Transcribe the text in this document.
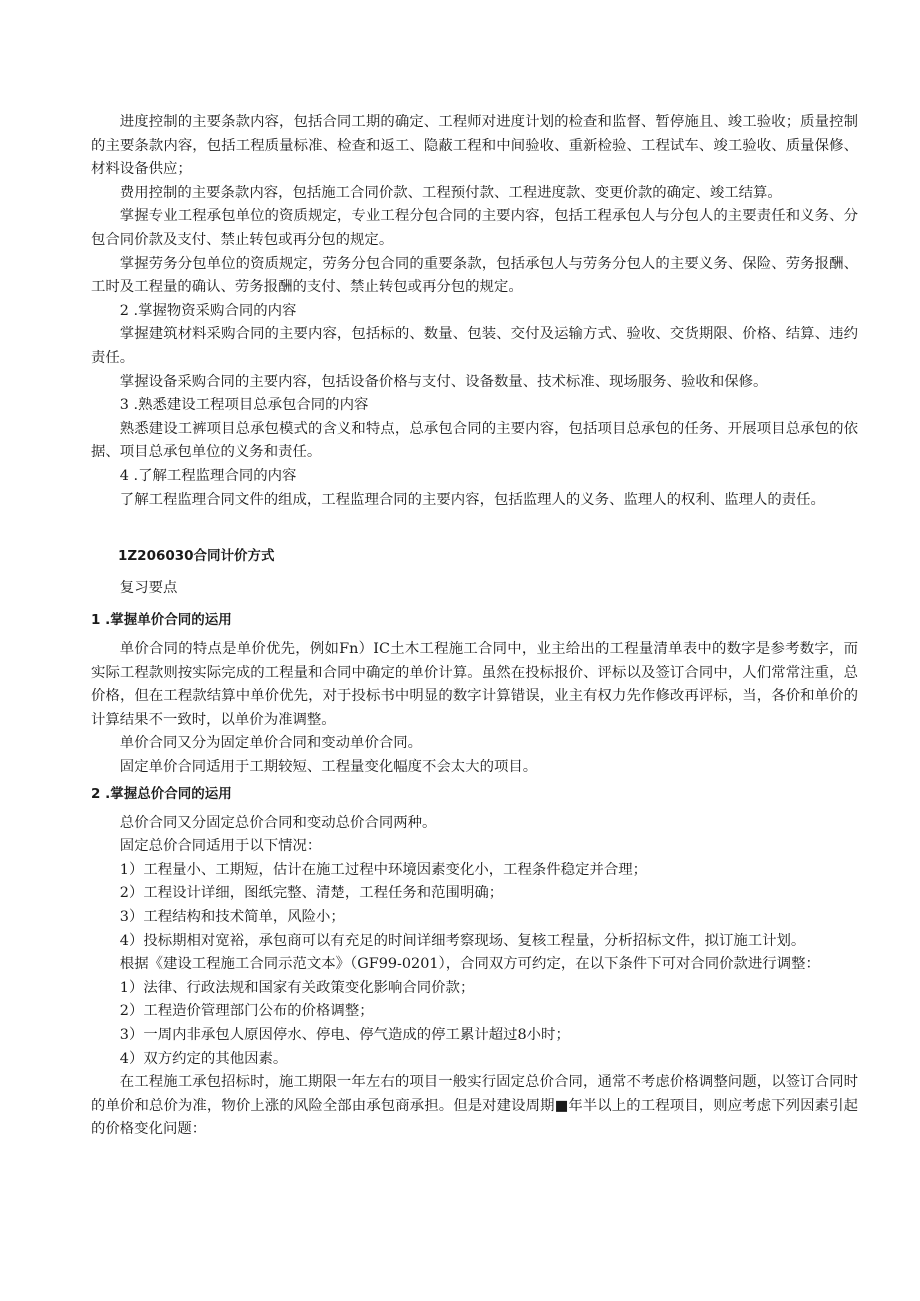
进度控制的主要条款内容，包括合同工期的确定、工程师对进度计划的检查和监督、暂停施且、竣工验收；质量控制的主要条款内容，包括工程质量标准、检查和返工、隐蔽工程和中间验收、重新检验、工程试车、竣工验收、质量保修、材料设备供应；

费用控制的主要条款内容，包括施工合同价款、工程预付款、工程进度款、变更价款的确定、竣工结算。

掌握专业工程承包单位的资质规定，专业工程分包合同的主要内容，包括工程承包人与分包人的主要责任和义务、分包合同价款及支付、禁止转包或再分包的规定。

掌握劳务分包单位的资质规定，劳务分包合同的重要条款，包括承包人与劳务分包人的主要义务、保险、劳务报酬、工时及工程量的确认、劳务报酬的支付、禁止转包或再分包的规定。

2 .掌握物资采购合同的内容

掌握建筑材料采购合同的主要内容，包括标的、数量、包装、交付及运输方式、验收、交货期限、价格、结算、违约责任。

掌握设备采购合同的主要内容，包括设备价格与支付、设备数量、技术标准、现场服务、验收和保修。

3 .熟悉建设工程项目总承包合同的内容

熟悉建设工裤项目总承包模式的含义和特点，总承包合同的主要内容，包括项目总承包的任务、开展项目总承包的依据、项目总承包单位的义务和责任。

4 .了解工程监理合同的内容

了解工程监理合同文件的组成，工程监理合同的主要内容，包括监理人的义务、监理人的权利、监理人的责任。

1Z206030合同计价方式

复习要点

1 .掌握单价合同的运用

单价合同的特点是单价优先，例如Fn）IC土木工程施工合同中，业主给出的工程量清单表中的数字是参考数字，而实际工程款则按实际完成的工程量和合同中确定的单价计算。虽然在投标报价、评标以及签订合同中，人们常常注重，总价格，但在工程款结算中单价优先，对于投标书中明显的数字计算错误，业主有权力先作修改再评标，当，各价和单价的计算结果不一致时，以单价为准调整。

单价合同又分为固定单价合同和变动单价合同。

固定单价合同适用于工期较短、工程量变化幅度不会太大的项目。

2 .掌握总价合同的运用

总价合同又分固定总价合同和变动总价合同两种。

固定总价合同适用于以下情况：

1）工程量小、工期短，估计在施工过程中环境因素变化小，工程条件稳定并合理；

2）工程设计详细，图纸完整、清楚，工程任务和范围明确；

3）工程结构和技术简单，风险小；

4）投标期相对宽裕，承包商可以有充足的时间详细考察现场、复核工程量，分析招标文件，拟订施工计划。

根据《建设工程施工合同示范文本》（GF99-0201），合同双方可约定，在以下条件下可对合同价款进行调整：

1）法律、行政法规和国家有关政策变化影响合同价款；

2）工程造价管理部门公布的价格调整；

3）一周内非承包人原因停水、停电、停气造成的停工累计超过8小时；

4）双方约定的其他因素。

在工程施工承包招标时，施工期限一年左右的项目一般实行固定总价合同，通常不考虑价格调整问题，以签订合同时的单价和总价为准，物价上涨的风险全部由承包商承担。但是对建设周期■年半以上的工程项目，则应考虑下列因素引起的价格变化问题：
